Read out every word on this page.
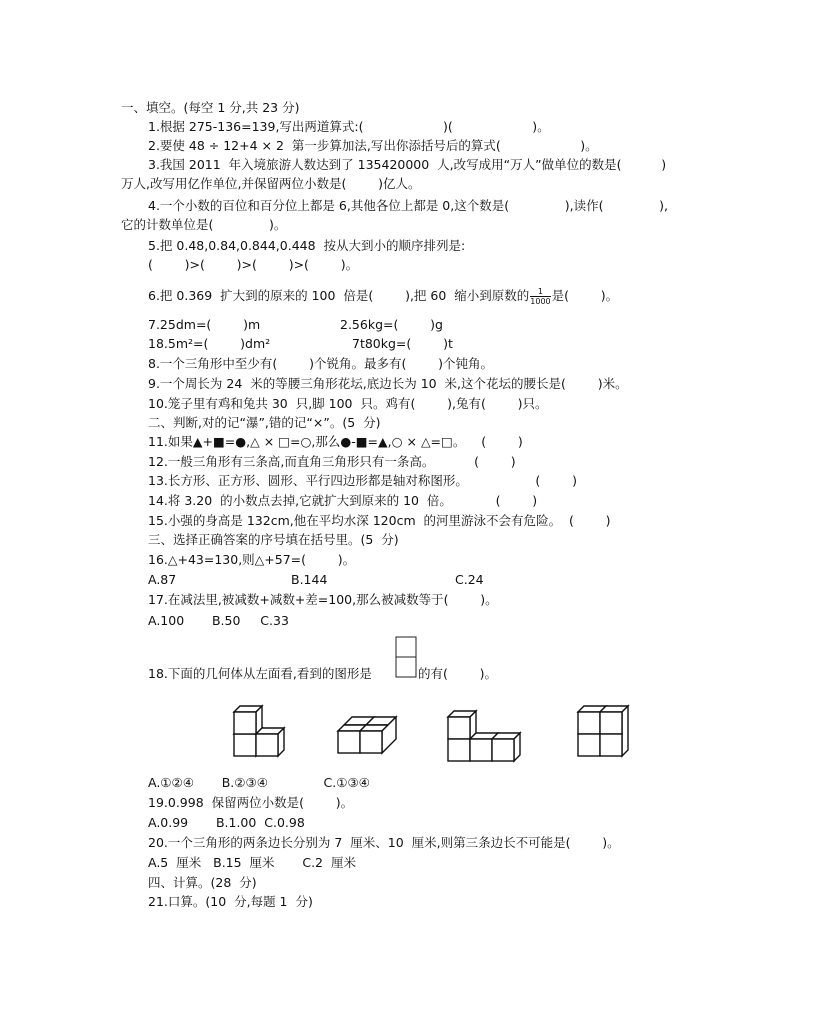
一、填空。(每空 1 分,共 23 分)
1.根据 275-136=139,写出两道算式:(                    )(                    )。
2.要使 48 ÷ 12+4 × 2  第一步算加法,写出你添括号后的算式(                    )。
3.我国 2011  年入境旅游人数达到了 135420000  人,改写成用“万人”做单位的数是(          )
万人,改写用亿作单位,并保留两位小数是(        )亿人。
4.一个小数的百位和百分位上都是 6,其他各位上都是 0,这个数是(              ),读作(              ),
它的计数单位是(              )。
5.把 0.48,0.84,0.844,0.448  按从大到小的顺序排列是:
(        )>(        )>(        )>(        )。
6.把 0.369  扩大到的原来的 100  倍是(        ),把 60  缩小到原数的 $\frac{1}{1000}$ 是(        )。
7.25dm=(        )m	2.56kg=(        )g
18.5m²=(        )dm²	7t80kg=(        )t
8.一个三角形中至少有(        )个锐角。最多有(        )个钝角。
9.一个周长为 24  米的等腰三角形花坛,底边长为 10  米,这个花坛的腰长是(        )米。
10.笼子里有鸡和兔共 30  只,脚 100  只。鸡有(        ),兔有(        )只。
二、判断,对的记“瀑”,错的记“×”。(5  分)
11.如果▲+■=●,△ × □=○,那么●-■=▲,○ × △=□。    (        )
12.一般三角形有三条高,而直角三角形只有一条高。          (        )
13.长方形、正方形、圆形、平行四边形都是轴对称图形。                 (        )
14.将 3.20  的小数点去掉,它就扩大到原来的 10  倍。           (        )
15.小强的身高是 132cm,他在平均水深 120cm  的河里游泳不会有危险。  (        )
三、选择正确答案的序号填在括号里。(5  分)
16.△+43=130,则△+57=(        )。
A.87	B.144	C.24
17.在减法里,被减数+减数+差=100,那么被减数等于(        )。
A.100       B.50     C.33
18.下面的几何体从左面看,看到的图形是	的有(        )。
A.①②④       B.②③④              C.①③④
19.0.998  保留两位小数是(        )。
A.0.99       B.1.00  C.0.98
20.一个三角形的两条边长分别为 7  厘米、10  厘米,则第三条边长不可能是(        )。
A.5  厘米   B.15  厘米       C.2  厘米
四、计算。(28  分)
21.口算。(10  分,每题 1  分)
